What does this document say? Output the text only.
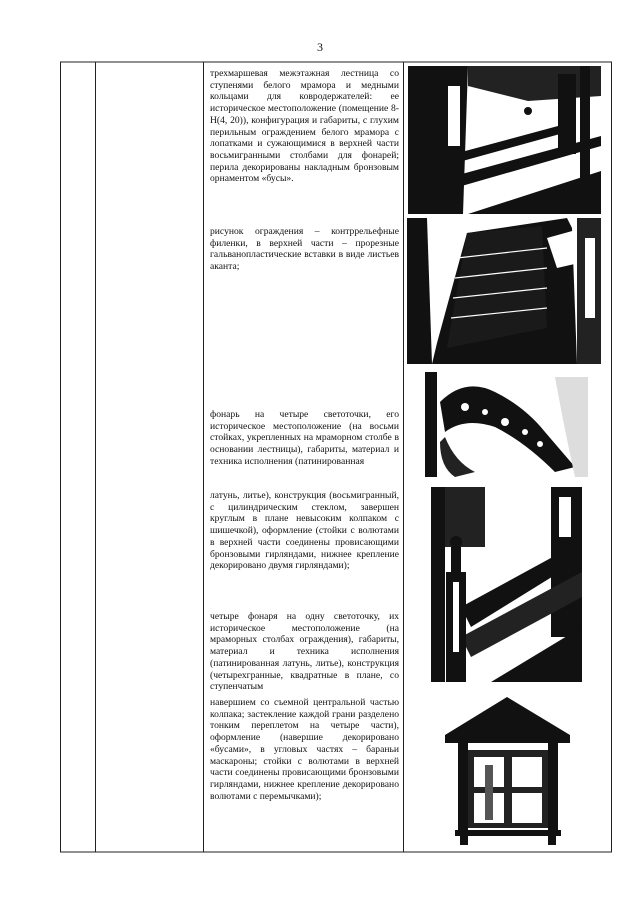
3

трехмаршевая межэтажная лестница со ступенями белого мрамора и медными кольцами для ковродержателей: ее историческое местоположение (помещение 8-Н(4, 20)), конфигурация и габариты, с глухим перильным ограждением белого мрамора с лопатками и сужающимися в верхней части восьмигранными столбами для фонарей; перила декорированы накладным бронзовым орнаментом «бусы».

рисунок ограждения – контррельефные филенки, в верхней части – прорезные гальванопластические вставки в виде листьев аканта;

фонарь на четыре светоточки, его историческое местоположение (на восьми стойках, укрепленных на мраморном столбе в основании лестницы), габариты, материал и техника исполнения (патинированная

латунь, литье), конструкция (восьмигранный, с цилиндрическим стеклом, завершен круглым в плане невысоким колпаком с шишечкой), оформление (стойки с волютами в верхней части соединены провисающими бронзовыми гирляндами, нижнее крепление декорировано двумя гирляндами);

четыре фонаря на одну светоточку, их историческое местоположение (на мраморных столбах ограждения), габариты, материал и техника исполнения (патинированная латунь, литье), конструкция (четырехгранные, квадратные в плане, со ступенчатым

навершием со съемной центральной частью колпака; застекление каждой грани разделено тонким переплетом на четыре части), оформление (навершие декорировано «бусами», в угловых частях – бараньи маскароны; стойки с волютами в верхней части соединены провисающими бронзовыми гирляндами, нижнее крепление декорировано волютами с перемычками);
